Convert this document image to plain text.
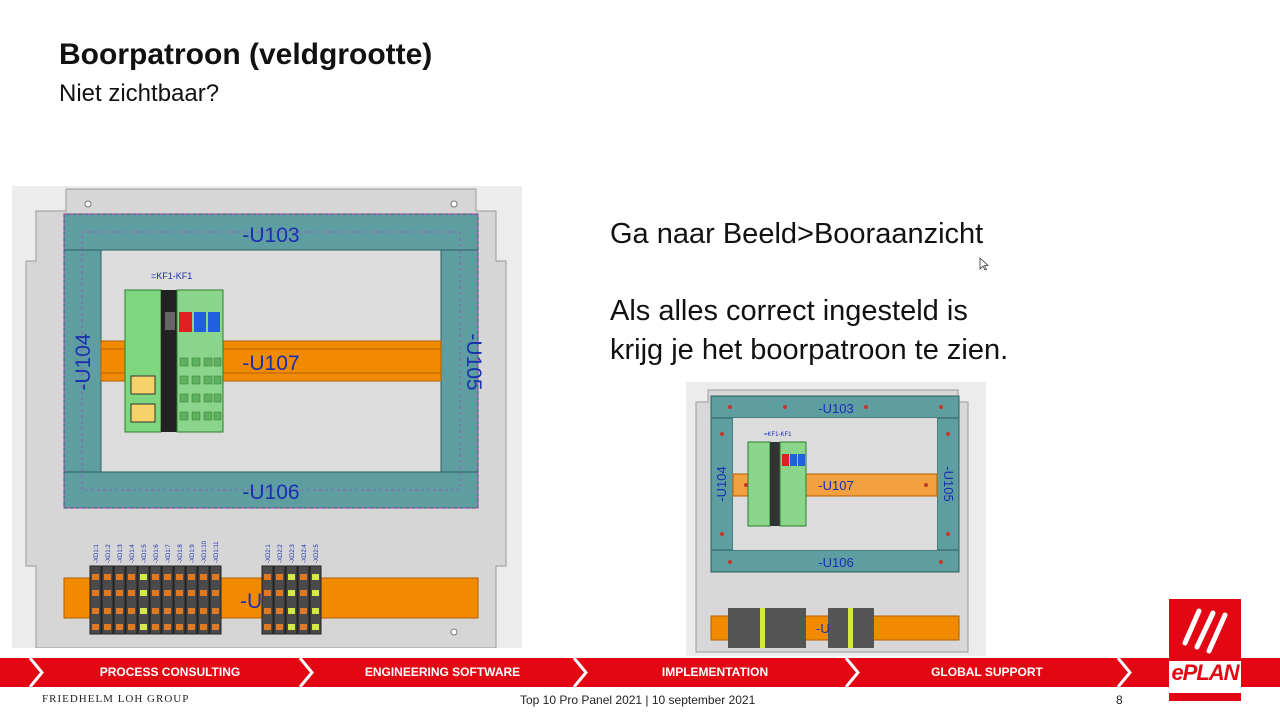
Boorpatroon (veldgrootte)
Niet zichtbaar?
=KF1-KF1
-U103
-U106
-U107
-U104	-U105
-U
-XD1:1 -XD1:2 -XD1:3 -XD1:4 -XD1:5 -XD1:6 -XD1:7 -XD1:8 -XD1:9 -XD1:10 -XD1:11	-XD2:1 -XD2:2 -XD2:3 -XD2:4 -XD2:5
Ga naar Beeld>Booraanzicht
Als alles correct ingesteld is
krijg je het boorpatroon te zien.
=KF1-KF1
-U103
-U106
-U107
-U104	-U105
-U
PROCESS CONSULTING	ENGINEERING SOFTWARE	IMPLEMENTATION	GLOBAL SUPPORT
FRIEDHELM LOH GROUP	Top 10 Pro Panel 2021 | 10 september 2021	8
ePLAN
